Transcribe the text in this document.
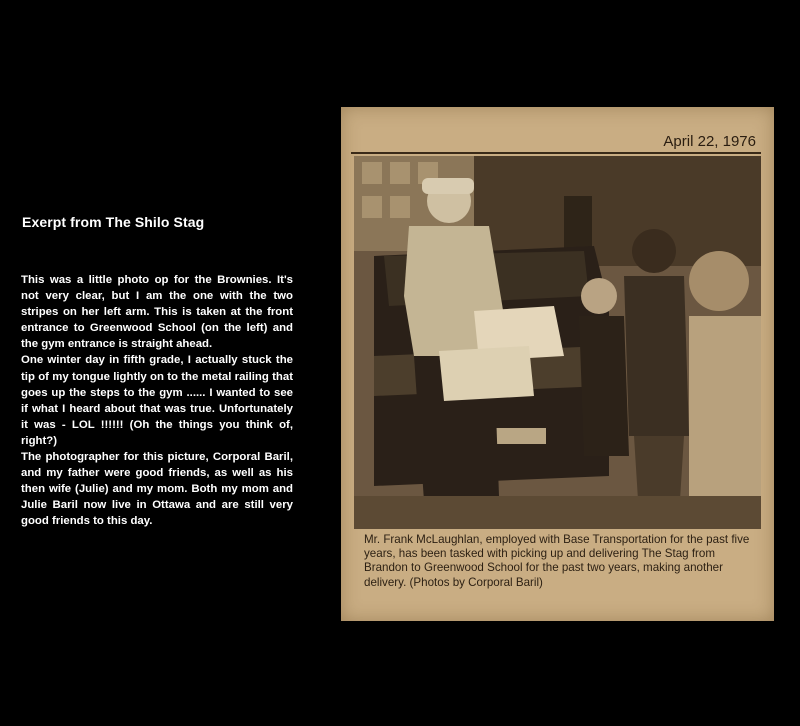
Exerpt from The Shilo Stag

This was a little photo op for the Brownies. It's not very clear, but I am the one with the two stripes on her left arm. This is taken at the front entrance to Greenwood School (on the left) and the gym entrance is straight ahead.

One winter day in fifth grade, I actually stuck the tip of my tongue lightly on to the metal railing that goes up the steps to the gym ...... I wanted to see if what I heard about that was true. Unfortunately it was - LOL !!!!!! (Oh the things you think of, right?)

The photographer for this picture, Corporal Baril, and my father were good friends, as well as his then wife (Julie) and my mom. Both my mom and Julie Baril now live in Ottawa and are still very good friends to this day.

April 22, 1976
Mr. Frank McLaughlan, employed with Base Transportation for the past five years, has been tasked with picking up and delivering The Stag from Brandon to Greenwood School for the past two years, making another delivery. (Photos by Corporal Baril)
